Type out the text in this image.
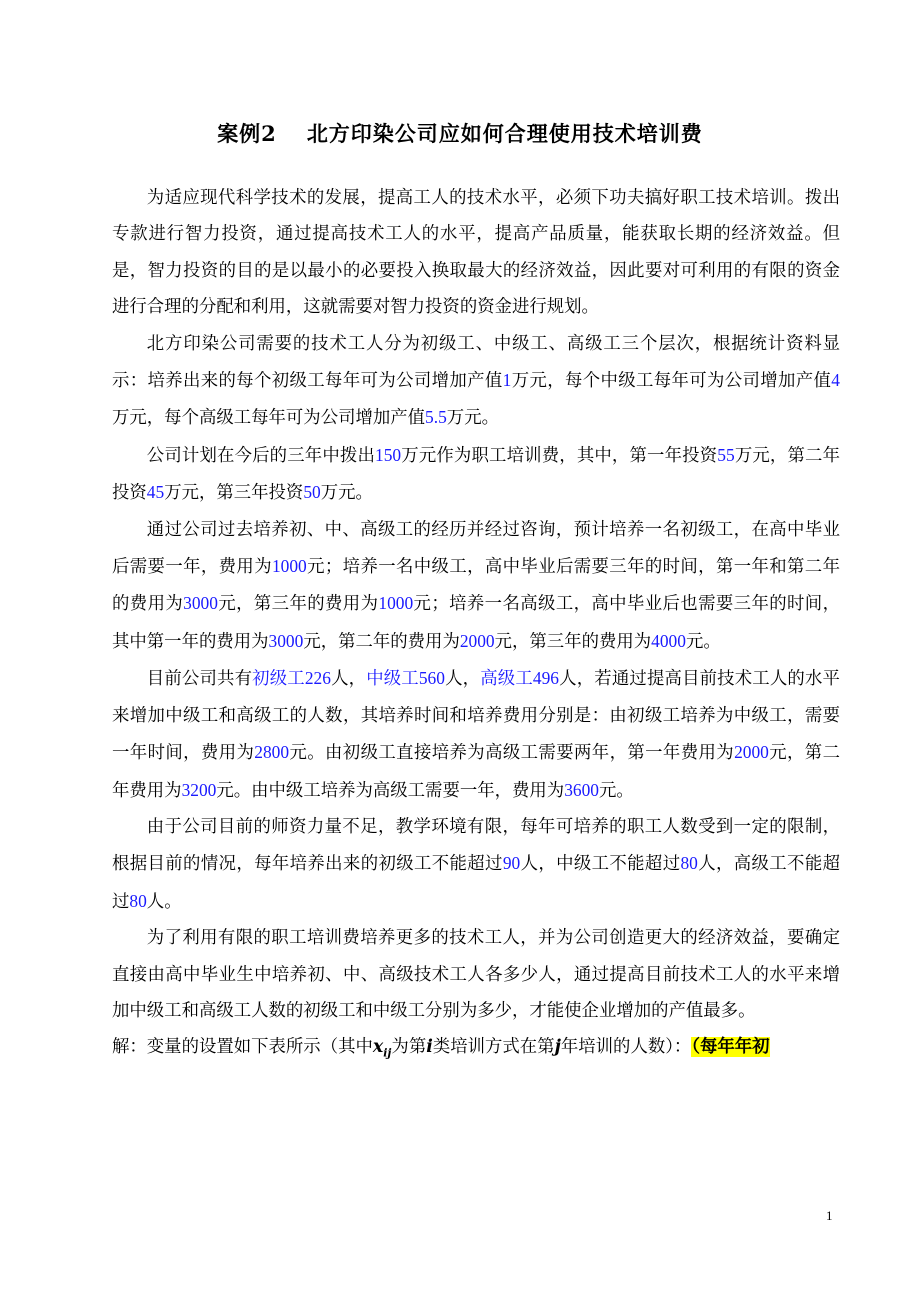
案例2 北方印染公司应如何合理使用技术培训费

为适应现代科学技术的发展，提高工人的技术水平，必须下功夫搞好职工技术培训。拨出专款进行智力投资，通过提高技术工人的水平，提高产品质量，能获取长期的经济效益。但是，智力投资的目的是以最小的必要投入换取最大的经济效益，因此要对可利用的有限的资金进行合理的分配和利用，这就需要对智力投资的资金进行规划。

北方印染公司需要的技术工人分为初级工、中级工、高级工三个层次，根据统计资料显示：培养出来的每个初级工每年可为公司增加产值1万元，每个中级工每年可为公司增加产值4万元，每个高级工每年可为公司增加产值5.5万元。

公司计划在今后的三年中拨出150万元作为职工培训费，其中，第一年投资55万元，第二年投资45万元，第三年投资50万元。

通过公司过去培养初、中、高级工的经历并经过咨询，预计培养一名初级工，在高中毕业后需要一年，费用为1000元；培养一名中级工，高中毕业后需要三年的时间，第一年和第二年的费用为3000元，第三年的费用为1000元；培养一名高级工，高中毕业后也需要三年的时间，其中第一年的费用为3000元，第二年的费用为2000元，第三年的费用为4000元。

目前公司共有初级工226人，中级工560人，高级工496人，若通过提高目前技术工人的水平来增加中级工和高级工的人数，其培养时间和培养费用分别是：由初级工培养为中级工，需要一年时间，费用为2800元。由初级工直接培养为高级工需要两年，第一年费用为2000元，第二年费用为3200元。由中级工培养为高级工需要一年，费用为3600元。

由于公司目前的师资力量不足，教学环境有限，每年可培养的职工人数受到一定的限制，根据目前的情况，每年培养出来的初级工不能超过90人，中级工不能超过80人，高级工不能超过80人。

为了利用有限的职工培训费培养更多的技术工人，并为公司创造更大的经济效益，要确定直接由高中毕业生中培养初、中、高级技术工人各多少人，通过提高目前技术工人的水平来增加中级工和高级工人数的初级工和中级工分别为多少，才能使企业增加的产值最多。

解：变量的设置如下表所示（其中$x_{ij}$为第i类培训方式在第j年培训的人数）：（每年年初

1
